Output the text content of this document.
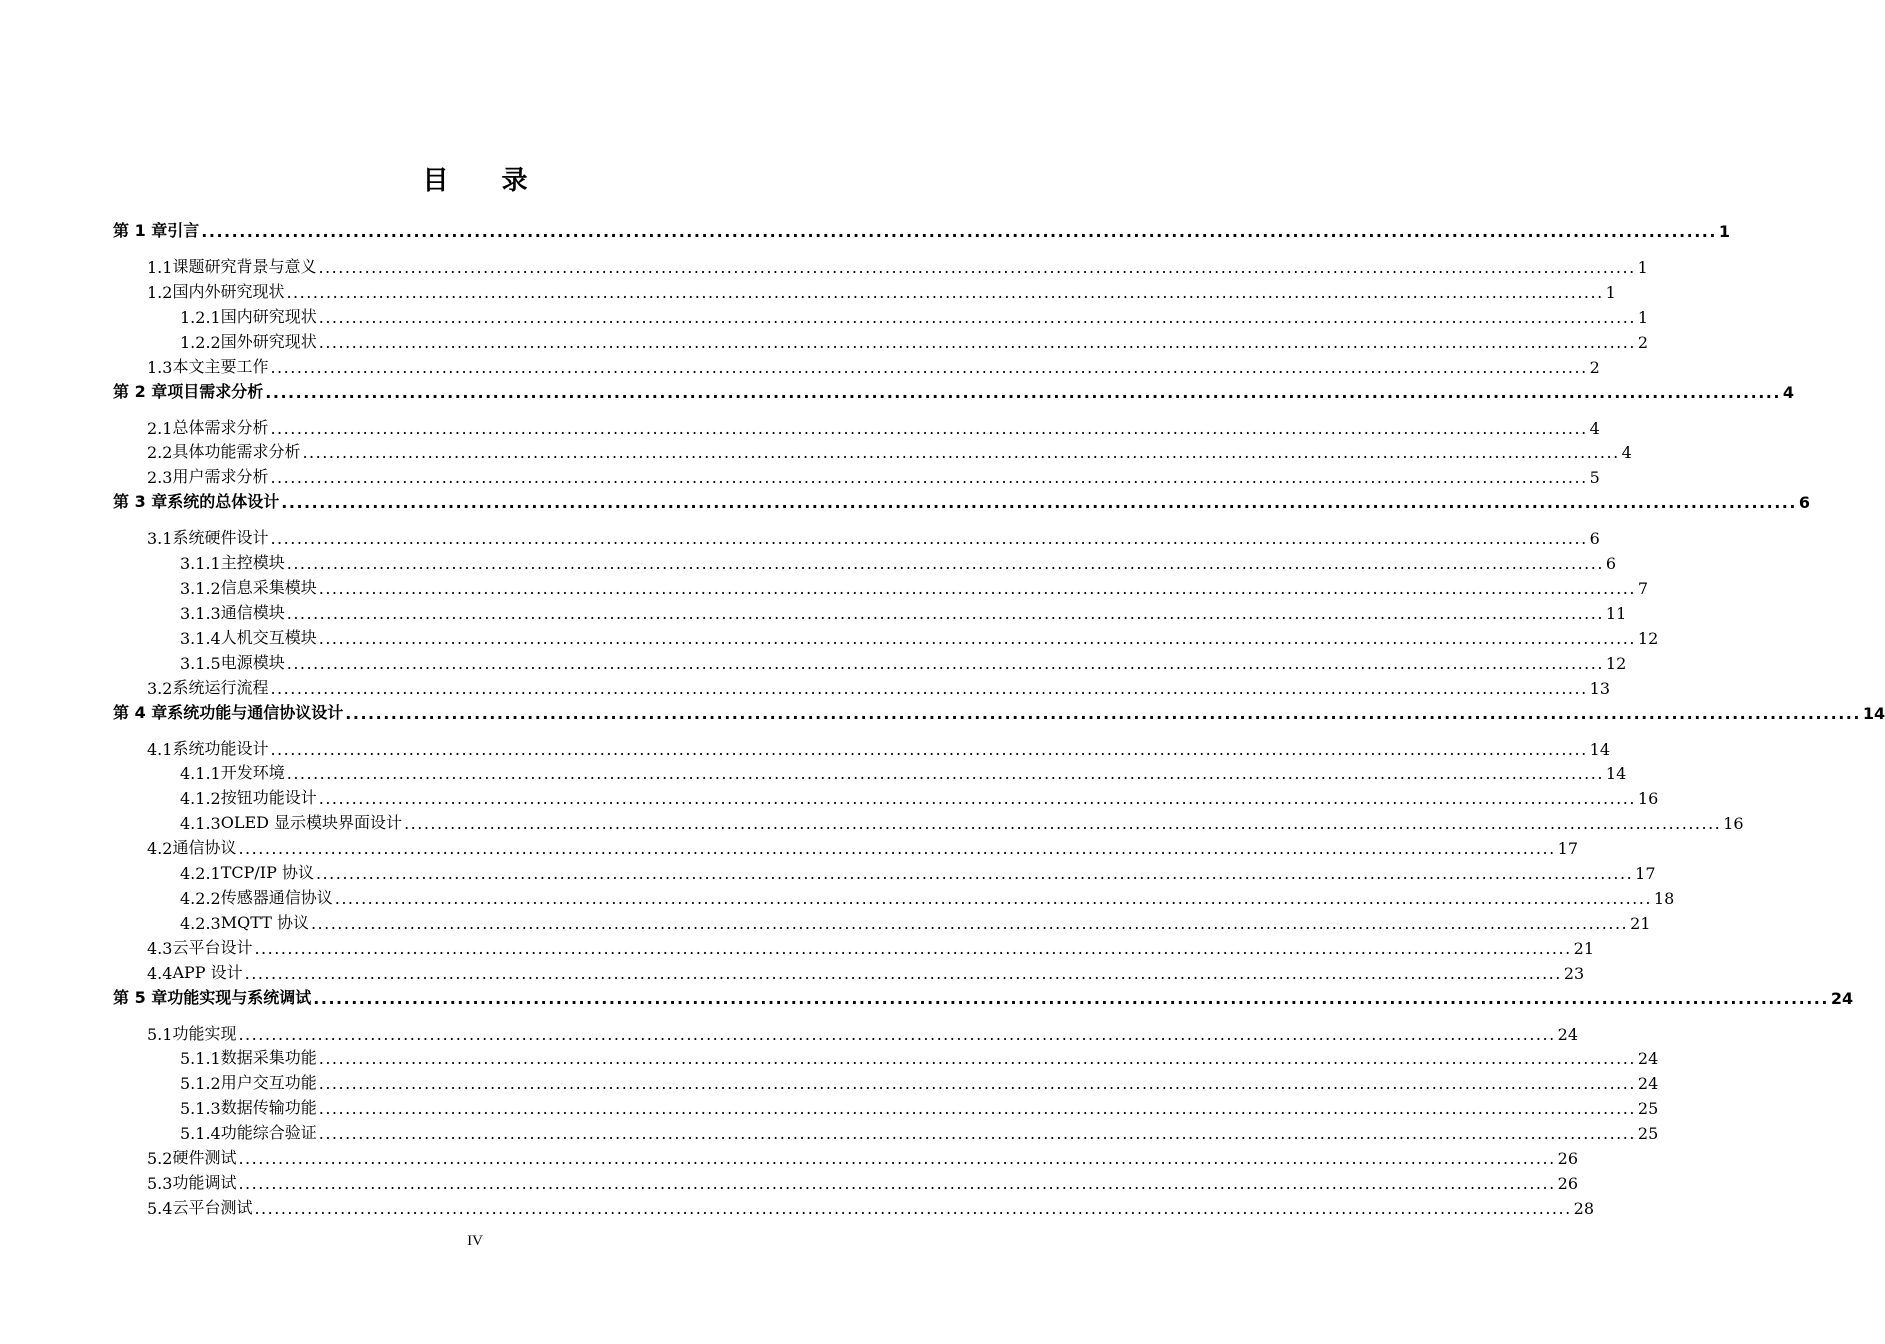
目 录
第 1 章 引言 ........................................................................................................................................................................................................ 1
1.1 课题研究背景与意义 ........................................................................................................................................................................................................ 1
1.2 国内外研究现状 ........................................................................................................................................................................................................ 1
1.2.1 国内研究现状 ........................................................................................................................................................................................................ 1
1.2.2 国外研究现状 ........................................................................................................................................................................................................ 2
1.3 本文主要工作 ........................................................................................................................................................................................................ 2
第 2 章 项目需求分析 ........................................................................................................................................................................................................ 4
2.1 总体需求分析 ........................................................................................................................................................................................................ 4
2.2 具体功能需求分析 ........................................................................................................................................................................................................ 4
2.3 用户需求分析 ........................................................................................................................................................................................................ 5
第 3 章 系统的总体设计 ........................................................................................................................................................................................................ 6
3.1 系统硬件设计 ........................................................................................................................................................................................................ 6
3.1.1 主控模块 ........................................................................................................................................................................................................ 6
3.1.2 信息采集模块 ........................................................................................................................................................................................................ 7
3.1.3 通信模块 ........................................................................................................................................................................................................ 11
3.1.4 人机交互模块 ........................................................................................................................................................................................................ 12
3.1.5 电源模块 ........................................................................................................................................................................................................ 12
3.2 系统运行流程 ........................................................................................................................................................................................................ 13
第 4 章 系统功能与通信协议设计 ........................................................................................................................................................................................................ 14
4.1 系统功能设计 ........................................................................................................................................................................................................ 14
4.1.1 开发环境 ........................................................................................................................................................................................................ 14
4.1.2 按钮功能设计 ........................................................................................................................................................................................................ 16
4.1.3 OLED 显示模块界面设计 ........................................................................................................................................................................................................ 16
4.2 通信协议 ........................................................................................................................................................................................................ 17
4.2.1 TCP/IP 协议 ........................................................................................................................................................................................................ 17
4.2.2 传感器通信协议 ........................................................................................................................................................................................................ 18
4.2.3 MQTT 协议 ........................................................................................................................................................................................................ 21
4.3 云平台设计 ........................................................................................................................................................................................................ 21
4.4 APP 设计 ........................................................................................................................................................................................................ 23
第 5 章 功能实现与系统调试 ........................................................................................................................................................................................................ 24
5.1 功能实现 ........................................................................................................................................................................................................ 24
5.1.1 数据采集功能 ........................................................................................................................................................................................................ 24
5.1.2 用户交互功能 ........................................................................................................................................................................................................ 24
5.1.3 数据传输功能 ........................................................................................................................................................................................................ 25
5.1.4 功能综合验证 ........................................................................................................................................................................................................ 25
5.2 硬件测试 ........................................................................................................................................................................................................ 26
5.3 功能调试 ........................................................................................................................................................................................................ 26
5.4 云平台测试 ........................................................................................................................................................................................................ 28
IV
